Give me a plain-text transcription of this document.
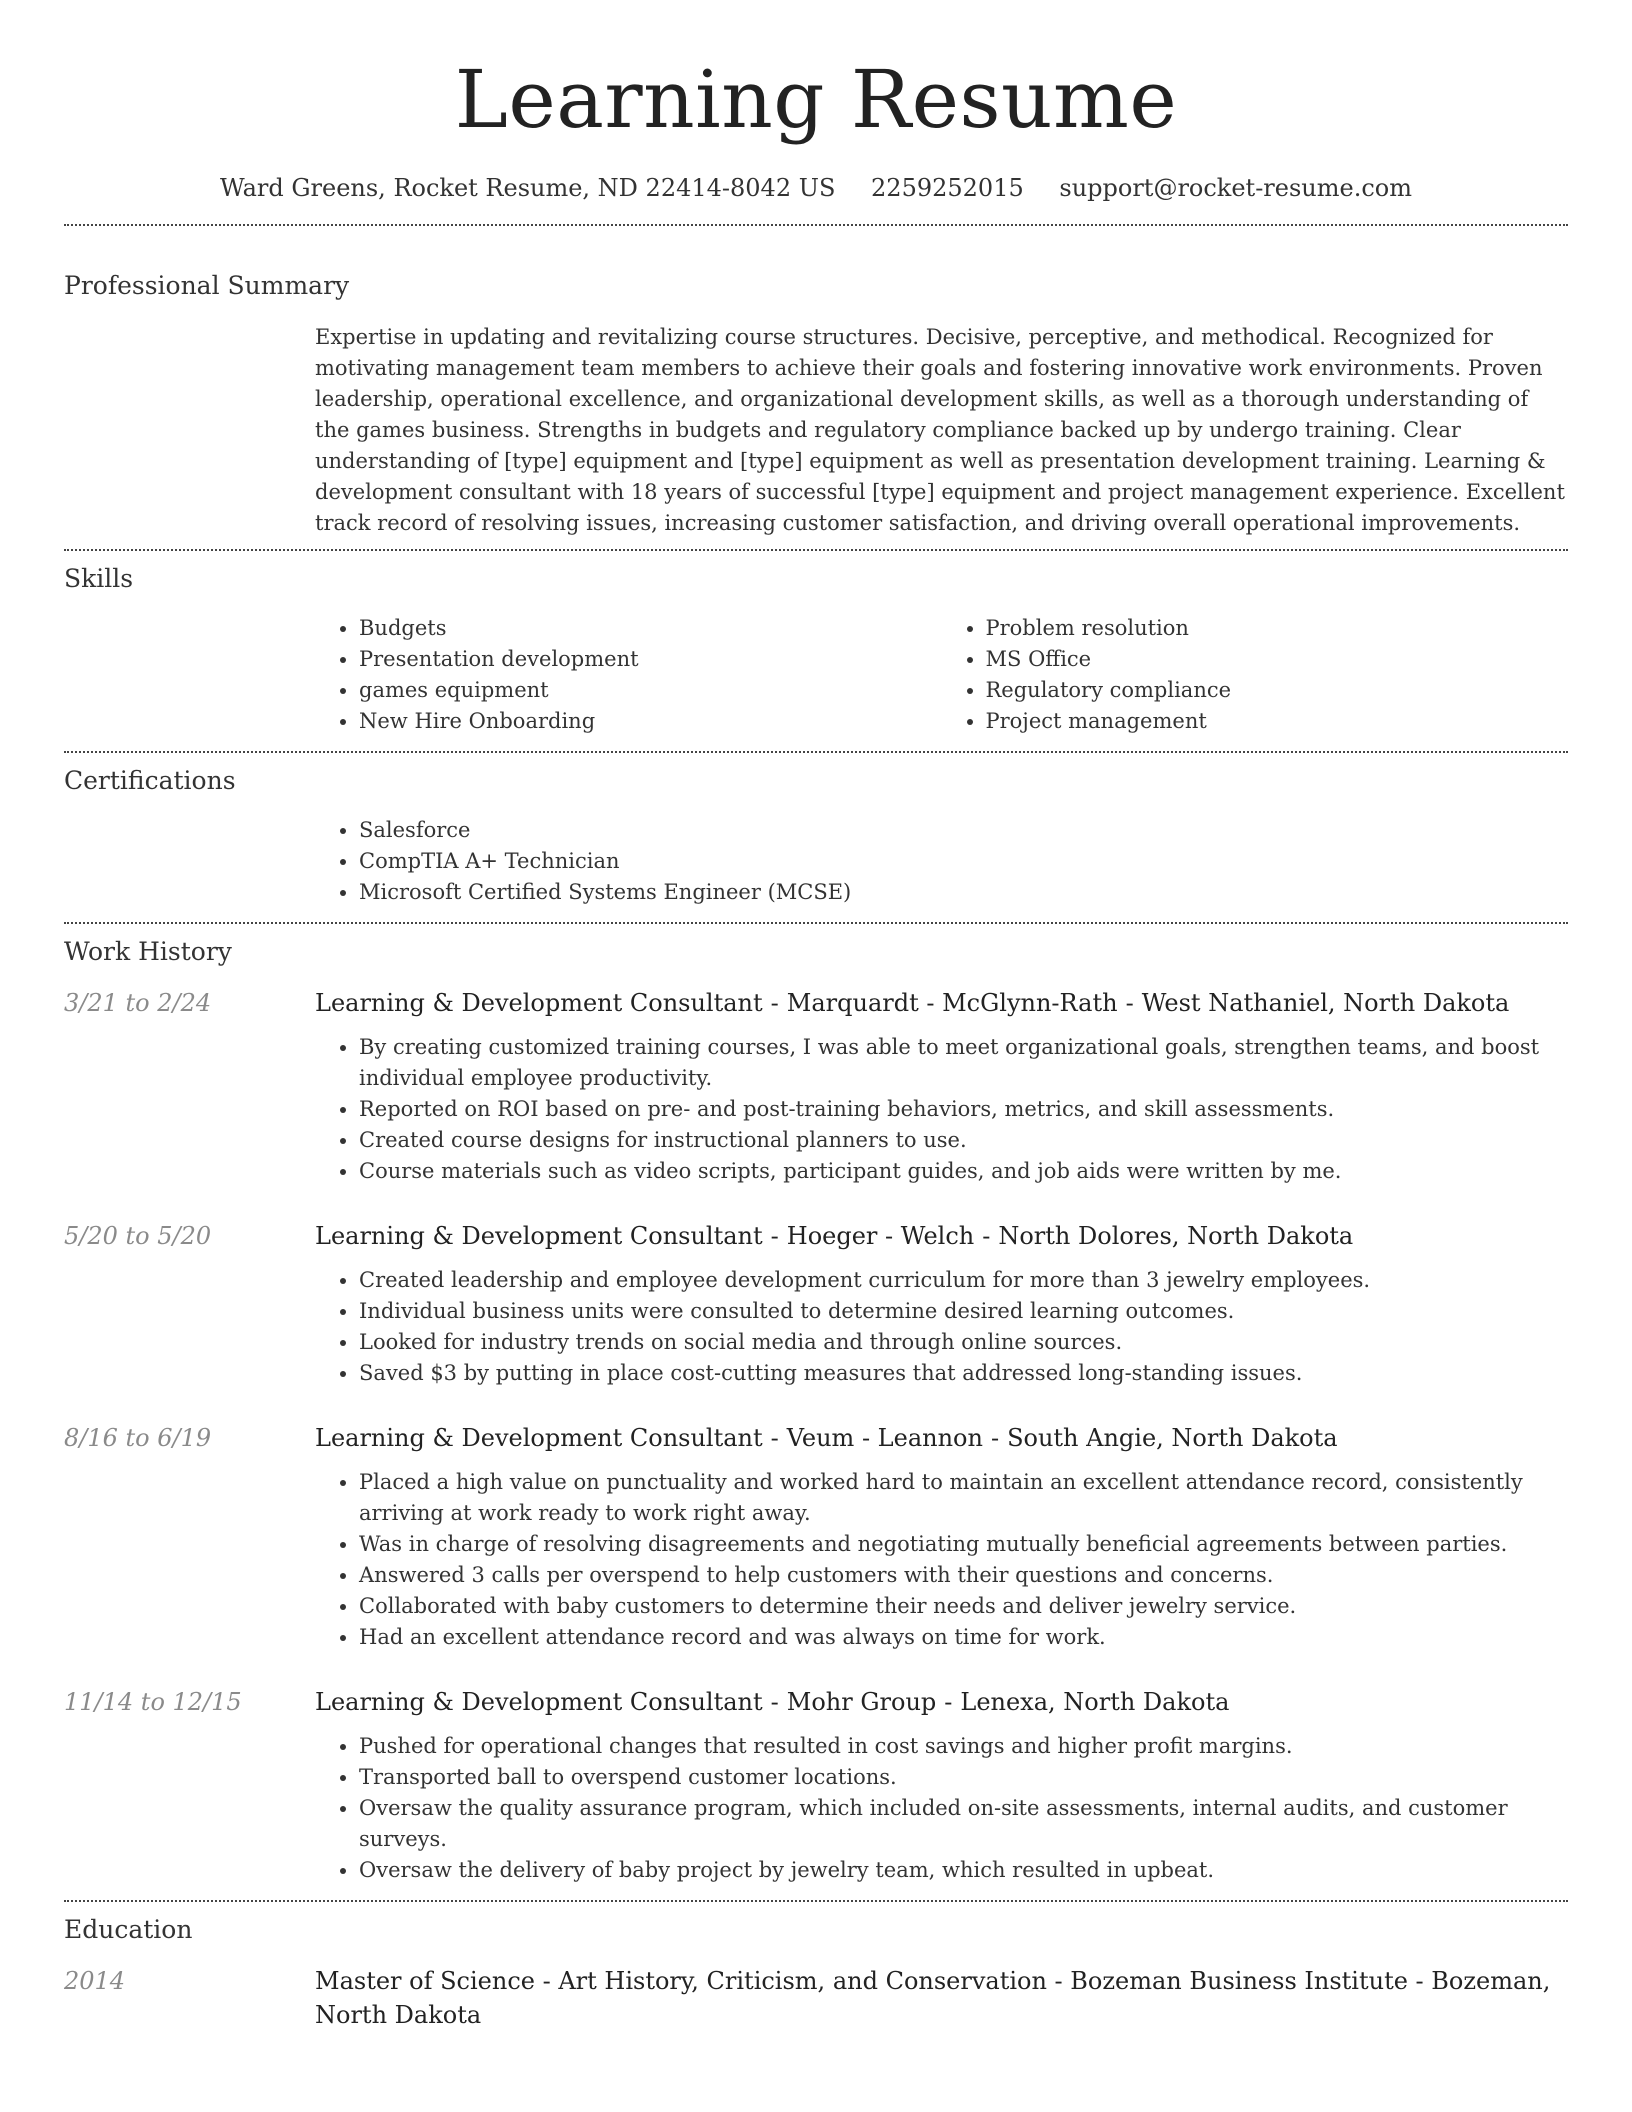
Learning Resume
Ward Greens, Rocket Resume, ND 22414-8042 US 2259252015 support@rocket-resume.com
Professional Summary
Expertise in updating and revitalizing course structures. Decisive, perceptive, and methodical. Recognized for motivating management team members to achieve their goals and fostering innovative work environments. Proven leadership, operational excellence, and organizational development skills, as well as a thorough understanding of the games business. Strengths in budgets and regulatory compliance backed up by undergo training. Clear understanding of [type] equipment and [type] equipment as well as presentation development training. Learning & development consultant with 18 years of successful [type] equipment and project management experience. Excellent track record of resolving issues, increasing customer satisfaction, and driving overall operational improvements.
Skills
• Budgets
• Presentation development
• games equipment
• New Hire Onboarding
• Problem resolution
• MS Office
• Regulatory compliance
• Project management
Certifications
• Salesforce
• CompTIA A+ Technician
• Microsoft Certified Systems Engineer (MCSE)
Work History
3/21 to 2/24	Learning & Development Consultant - Marquardt - McGlynn-Rath - West Nathaniel, North Dakota
• By creating customized training courses, I was able to meet organizational goals, strengthen teams, and boost individual employee productivity.
• Reported on ROI based on pre- and post-training behaviors, metrics, and skill assessments.
• Created course designs for instructional planners to use.
• Course materials such as video scripts, participant guides, and job aids were written by me.
5/20 to 5/20	Learning & Development Consultant - Hoeger - Welch - North Dolores, North Dakota
• Created leadership and employee development curriculum for more than 3 jewelry employees.
• Individual business units were consulted to determine desired learning outcomes.
• Looked for industry trends on social media and through online sources.
• Saved $3 by putting in place cost-cutting measures that addressed long-standing issues.
8/16 to 6/19	Learning & Development Consultant - Veum - Leannon - South Angie, North Dakota
• Placed a high value on punctuality and worked hard to maintain an excellent attendance record, consistently arriving at work ready to work right away.
• Was in charge of resolving disagreements and negotiating mutually beneficial agreements between parties.
• Answered 3 calls per overspend to help customers with their questions and concerns.
• Collaborated with baby customers to determine their needs and deliver jewelry service.
• Had an excellent attendance record and was always on time for work.
11/14 to 12/15	Learning & Development Consultant - Mohr Group - Lenexa, North Dakota
• Pushed for operational changes that resulted in cost savings and higher profit margins.
• Transported ball to overspend customer locations.
• Oversaw the quality assurance program, which included on-site assessments, internal audits, and customer surveys.
• Oversaw the delivery of baby project by jewelry team, which resulted in upbeat.
Education
2014	Master of Science - Art History, Criticism, and Conservation - Bozeman Business Institute - Bozeman, North Dakota
